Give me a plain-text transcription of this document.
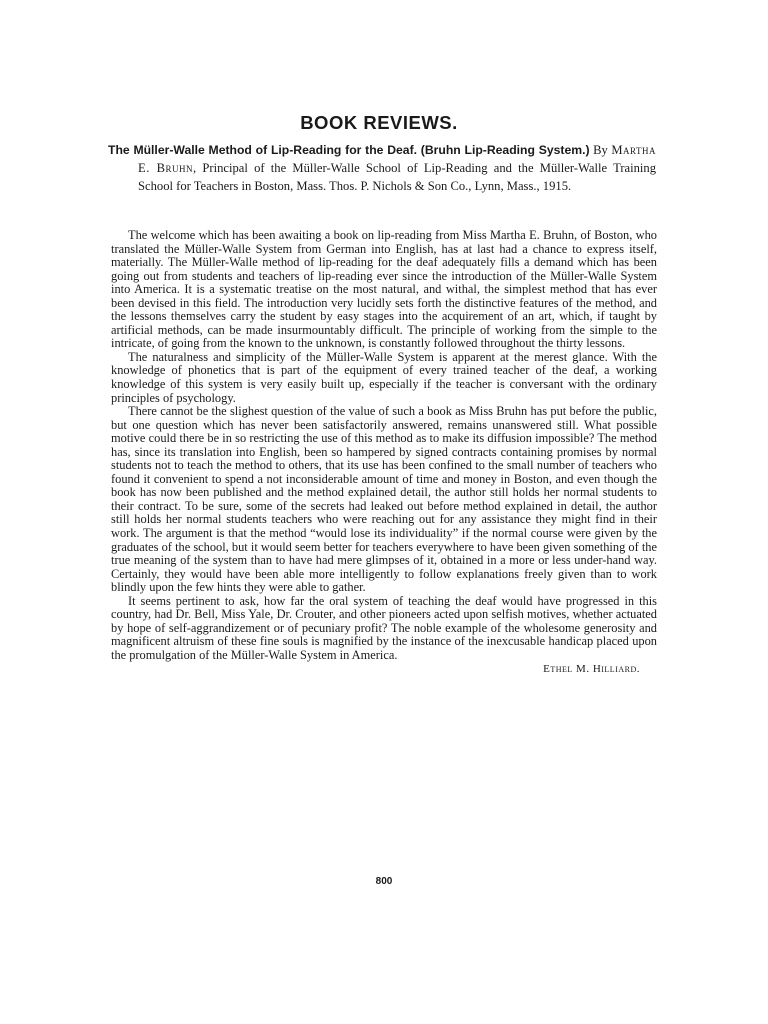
BOOK REVIEWS.
The Müller-Walle Method of Lip-Reading for the Deaf. (Bruhn Lip-Reading System.) By Martha E. Bruhn, Principal of the Müller-Walle School of Lip-Reading and the Müller-Walle Training School for Teachers in Boston, Mass. Thos. P. Nichols & Son Co., Lynn, Mass., 1915.

The welcome which has been awaiting a book on lip-reading from Miss Martha E. Bruhn, of Boston, who translated the Müller-Walle System from German into English, has at last had a chance to express itself, materially. The Müller-Walle method of lip-reading for the deaf adequately fills a demand which has been going out from students and teachers of lip-reading ever since the introduction of the Müller-Walle System into America. It is a systematic treatise on the most natural, and withal, the simplest method that has ever been devised in this field. The introduction very lucidly sets forth the distinctive features of the method, and the lessons themselves carry the student by easy stages into the acquirement of an art, which, if taught by artificial methods, can be made insurmountably difficult. The principle of working from the simple to the intricate, of going from the known to the unknown, is constantly followed throughout the thirty lessons.

The naturalness and simplicity of the Müller-Walle System is apparent at the merest glance. With the knowledge of phonetics that is part of the equipment of every trained teacher of the deaf, a working knowledge of this system is very easily built up, especially if the teacher is conversant with the ordinary principles of psychology.

There cannot be the slighest question of the value of such a book as Miss Bruhn has put before the public, but one question which has never been satisfactorily answered, remains unanswered still. What possible motive could there be in so restricting the use of this method as to make its diffusion impossible? The method has, since its translation into English, been so hampered by signed contracts containing promises by normal students not to teach the method to others, that its use has been confined to the small number of teachers who found it convenient to spend a not inconsiderable amount of time and money in Boston, and even though the book has now been published and the method explained detail, the author still holds her normal students to their contract. To be sure, some of the secrets had leaked out before method explained in detail, the author still holds her normal students teachers who were reaching out for any assistance they might find in their work. The argument is that the method “would lose its individuality” if the normal course were given by the graduates of the school, but it would seem better for teachers everywhere to have been given something of the true meaning of the system than to have had mere glimpses of it, obtained in a more or less under-hand way. Certainly, they would have been able more intelligently to follow explanations freely given than to work blindly upon the few hints they were able to gather.

It seems pertinent to ask, how far the oral system of teaching the deaf would have progressed in this country, had Dr. Bell, Miss Yale, Dr. Crouter, and other pioneers acted upon selfish motives, whether actuated by hope of self-aggrandizement or of pecuniary profit? The noble example of the wholesome generosity and magnificent altruism of these fine souls is magnified by the instance of the inexcusable handicap placed upon the promulgation of the Müller-Walle System in America.

Ethel M. Hilliard.

800
